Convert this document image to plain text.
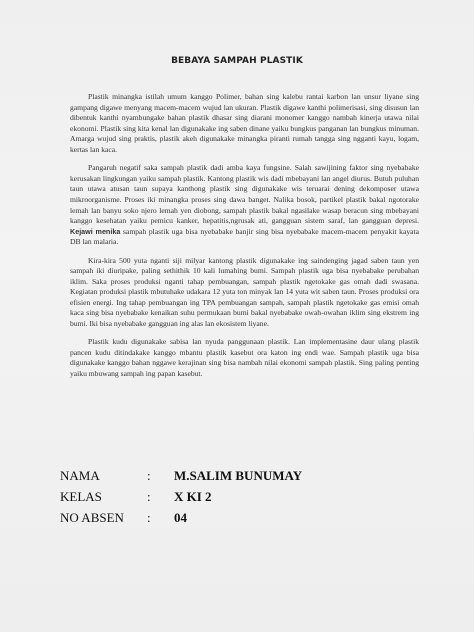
BEBAYA SAMPAH PLASTIK

Plastik minangka istilah umum kanggo Polimer, bahan sing kalebu rantai karbon lan unsur liyane sing gampang digawe menyang macem-macem wujud lan ukuran. Plastik digawe kanthi polimerisasi, sing disusun lan dibentuk kanthi nyambungake bahan plastik dhasar sing diarani monomer kanggo nambah kinerja utawa nilai ekonomi. Plastik sing kita kenal lan digunakake ing saben dinane yaiku bungkus panganan lan bungkus minuman. Amarga wujud sing praktis, plastik akeh digunakake minangka piranti rumah tangga sing ngganti kayu, logam, kertas lan kaca.

Pangaruh negatif saka sampah plastik dadi amba kaya fungsine. Salah sawijining faktor sing nyebabake kerusakan lingkungan yaiku sampah plastik. Kantong plastik wis dadi mbebayani lan angel diurus. Butuh puluhan taun utawa atusan taun supaya kanthong plastik sing digunakake wis teruarai dening dekomposer utawa mikroorganisme. Proses iki minangka proses sing dawa banget. Nalika bosok, partikel plastik bakal ngotorake lemah lan banyu soko njero lemah yen diobong, sampah plastik bakal ngasilake wasap beracun sing mbebayani kanggo kesehatan yaiku pemicu kanker, hepatitis,ngrusak ati, gangguan sistem saraf, lan gangguan depresi. Kejawi menika sampah plastik uga bisa nyebabake banjir sing bisa nyebabake macem-macem penyakit kayata DB lan malaria.

Kira-kira 500 yuta nganti siji milyar kantong plastik digunakake ing saindenging jagad saben taun yen sampah iki diuripake, paling sethithik 10 kali lumahing bumi. Sampah plastik uga bisa nyebabake perubahan iklim. Saka proses produksi nganti tahap pembuangan, sampah plastik ngetokake gas omah dadi swasana. Kegiatan produksi plastik mbutuhake udakara 12 yuta ton minyak lan 14 yuta wit saben taun. Proses produksi ora efisien energi. Ing tahap pembuangan ing TPA pembuangan sampah, sampah plastik ngetokake gas emisi omah kaca sing bisa nyebabake kenaikan suhu permukaan bumi bakal nyebabake owah-owahan iklim sing ekstrem ing bumi. Iki bisa nyebabake gangguan ing alas lan ekosistem liyane.

Plastik kudu digunakake sabisa lan nyuda panggunaan plastik. Lan implementasine daur ulang plastik pancen kudu ditindakake kanggo mbantu plastik kasebut ora katon ing endi wae. Sampah plastik uga bisa digunakake kanggo bahan nggawe kerajinan sing bisa nambah nilai ekonomi sampah plastik. Sing paling penting yaiku mbuwang sampah ing papan kasebut.

NAMA	:	M.SALIM BUNUMAY
KELAS	:	X KI 2
NO ABSEN	:	04
